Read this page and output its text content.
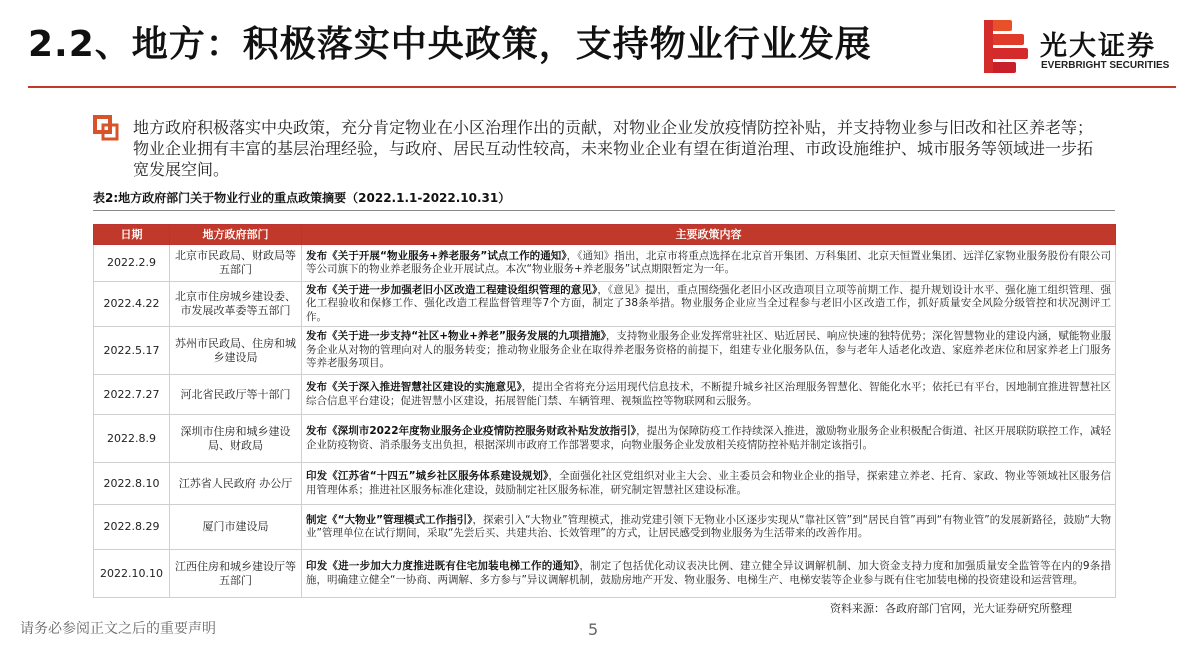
2.2、地方：积极落实中央政策，支持物业行业发展	光大证券
EVERBRIGHT SECURITIES
地方政府积极落实中央政策，充分肯定物业在小区治理作出的贡献，对物业企业发放疫情防控补贴，并支持物业参与旧改和社区养老等；物业企业拥有丰富的基层治理经验，与政府、居民互动性较高，未来物业企业有望在街道治理、市政设施维护、城市服务等领域进一步拓宽发展空间。
表2:地方政府部门关于物业行业的重点政策摘要（2022.1.1-2022.10.31）
日期	地方政府部门	主要政策内容
2022.2.9	北京市民政局、财政局等五部门	发布《关于开展“物业服务+养老服务”试点工作的通知》，《通知》指出，北京市将重点选择在北京首开集团、万科集团、北京天恒置业集团、远洋亿家物业服务股份有限公司等公司旗下的物业养老服务企业开展试点。本次“物业服务+养老服务”试点期限暂定为一年。
2022.4.22	北京市住房城乡建设委、市发展改革委等五部门	发布《关于进一步加强老旧小区改造工程建设组织管理的意见》，《意见》提出，重点围绕强化老旧小区改造项目立项等前期工作、提升规划设计水平、强化施工组织管理、强化工程验收和保修工作、强化改造工程监督管理等7个方面，制定了38条举措。物业服务企业应当全过程参与老旧小区改造工作，抓好质量安全风险分级管控和状况测评工作。
2022.5.17	苏州市民政局、住房和城乡建设局	发布《关于进一步支持“社区+物业+养老”服务发展的九项措施》，支持物业服务企业发挥常驻社区、贴近居民、响应快速的独特优势；深化智慧物业的建设内涵，赋能物业服务企业从对物的管理向对人的服务转变；推动物业服务企业在取得养老服务资格的前提下，组建专业化服务队伍，参与老年人适老化改造、家庭养老床位和居家养老上门服务等养老服务项目。
2022.7.27	河北省民政厅等十部门	发布《关于深入推进智慧社区建设的实施意见》，提出全省将充分运用现代信息技术，不断提升城乡社区治理服务智慧化、智能化水平；依托已有平台，因地制宜推进智慧社区综合信息平台建设；促进智慧小区建设，拓展智能门禁、车辆管理、视频监控等物联网和云服务。
2022.8.9	深圳市住房和城乡建设局、财政局	发布《深圳市2022年度物业服务企业疫情防控服务财政补贴发放指引》，提出为保障防疫工作持续深入推进，激励物业服务企业积极配合街道、社区开展联防联控工作，减轻企业防疫物资、消杀服务支出负担，根据深圳市政府工作部署要求，向物业服务企业发放相关疫情防控补贴并制定该指引。
2022.8.10	江苏省人民政府 办公厅	印发《江苏省“十四五”城乡社区服务体系建设规划》，全面强化社区党组织对业主大会、业主委员会和物业企业的指导，探索建立养老、托育、家政、物业等领域社区服务信用管理体系；推进社区服务标准化建设，鼓励制定社区服务标准，研究制定智慧社区建设标准。
2022.8.29	厦门市建设局	制定《“大物业”管理模式工作指引》，探索引入“大物业”管理模式，推动党建引领下无物业小区逐步实现从“靠社区管”到“居民自管”再到“有物业管”的发展新路径，鼓励“大物业”管理单位在试行期间，采取“先尝后买、共建共治、长效管理”的方式，让居民感受到物业服务为生活带来的改善作用。
2022.10.10	江西住房和城乡建设厅等五部门	印发《进一步加大力度推进既有住宅加装电梯工作的通知》，制定了包括优化动议表决比例、建立健全异议调解机制、加大资金支持力度和加强质量安全监管等在内的9条措施，明确建立健全“一协商、两调解、多方参与”异议调解机制，鼓励房地产开发、物业服务、电梯生产、电梯安装等企业参与既有住宅加装电梯的投资建设和运营管理。
资料来源：各政府部门官网，光大证券研究所整理
请务必参阅正文之后的重要声明	5
